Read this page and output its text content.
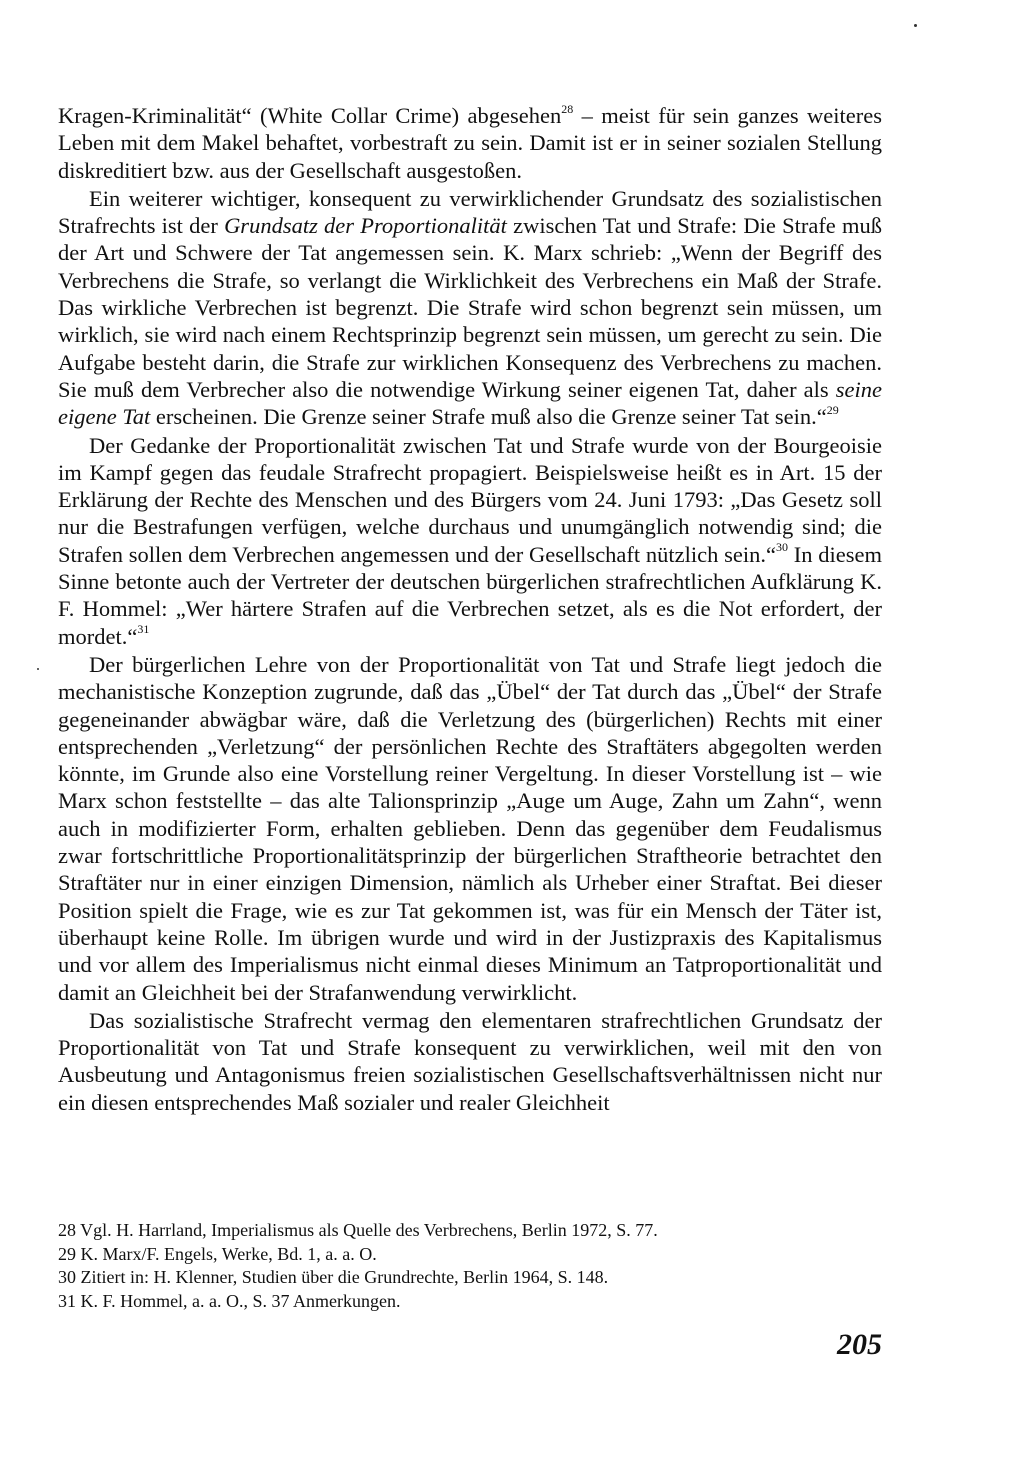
Kragen-Kriminalität“ (White Collar Crime) abgesehen$^{28}$ – meist für sein ganzes weiteres Leben mit dem Makel behaftet, vorbestraft zu sein. Damit ist er in seiner sozialen Stellung diskreditiert bzw. aus der Gesellschaft ausgestoßen.

Ein weiterer wichtiger, konsequent zu verwirklichender Grundsatz des sozialistischen Strafrechts ist der Grundsatz der Proportionalität zwischen Tat und Strafe: Die Strafe muß der Art und Schwere der Tat angemessen sein. K. Marx schrieb: „Wenn der Begriff des Verbrechens die Strafe, so verlangt die Wirklichkeit des Verbrechens ein Maß der Strafe. Das wirkliche Verbrechen ist begrenzt. Die Strafe wird schon begrenzt sein müssen, um wirklich, sie wird nach einem Rechtsprinzip begrenzt sein müssen, um gerecht zu sein. Die Aufgabe besteht darin, die Strafe zur wirklichen Konsequenz des Verbrechens zu machen. Sie muß dem Verbrecher also die notwendige Wirkung seiner eigenen Tat, daher als seine eigene Tat erscheinen. Die Grenze seiner Strafe muß also die Grenze seiner Tat sein.“$^{29}$

Der Gedanke der Proportionalität zwischen Tat und Strafe wurde von der Bourgeoisie im Kampf gegen das feudale Strafrecht propagiert. Beispielsweise heißt es in Art. 15 der Erklärung der Rechte des Menschen und des Bürgers vom 24. Juni 1793: „Das Gesetz soll nur die Bestrafungen verfügen, welche durchaus und unumgänglich notwendig sind; die Strafen sollen dem Verbrechen angemessen und der Gesellschaft nützlich sein.“$^{30}$ In diesem Sinne betonte auch der Vertreter der deutschen bürgerlichen strafrechtlichen Aufklärung K. F. Hommel: „Wer härtere Strafen auf die Verbrechen setzet, als es die Not erfordert, der mordet.“$^{31}$

Der bürgerlichen Lehre von der Proportionalität von Tat und Strafe liegt jedoch die mechanistische Konzeption zugrunde, daß das „Übel“ der Tat durch das „Übel“ der Strafe gegeneinander abwägbar wäre, daß die Verletzung des (bürgerlichen) Rechts mit einer entsprechenden „Verletzung“ der persönlichen Rechte des Straftäters abgegolten werden könnte, im Grunde also eine Vorstellung reiner Vergeltung. In dieser Vorstellung ist – wie Marx schon feststellte – das alte Talionsprinzip „Auge um Auge, Zahn um Zahn“, wenn auch in modifizierter Form, erhalten geblieben. Denn das gegenüber dem Feudalismus zwar fortschrittliche Proportionalitätsprinzip der bürgerlichen Straftheorie betrachtet den Straftäter nur in einer einzigen Dimension, nämlich als Urheber einer Straftat. Bei dieser Position spielt die Frage, wie es zur Tat gekommen ist, was für ein Mensch der Täter ist, überhaupt keine Rolle. Im übrigen wurde und wird in der Justizpraxis des Kapitalismus und vor allem des Imperialismus nicht einmal dieses Minimum an Tatproportionalität und damit an Gleichheit bei der Strafanwendung verwirklicht.

Das sozialistische Strafrecht vermag den elementaren strafrechtlichen Grundsatz der Proportionalität von Tat und Strafe konsequent zu verwirklichen, weil mit den von Ausbeutung und Antagonismus freien sozialistischen Gesellschaftsverhältnissen nicht nur ein diesen entsprechendes Maß sozialer und realer Gleichheit

28 Vgl. H. Harrland, Imperialismus als Quelle des Verbrechens, Berlin 1972, S. 77.

29 K. Marx/F. Engels, Werke, Bd. 1, a. a. O.

30 Zitiert in: H. Klenner, Studien über die Grundrechte, Berlin 1964, S. 148.

31 K. F. Hommel, a. a. O., S. 37 Anmerkungen.

205
